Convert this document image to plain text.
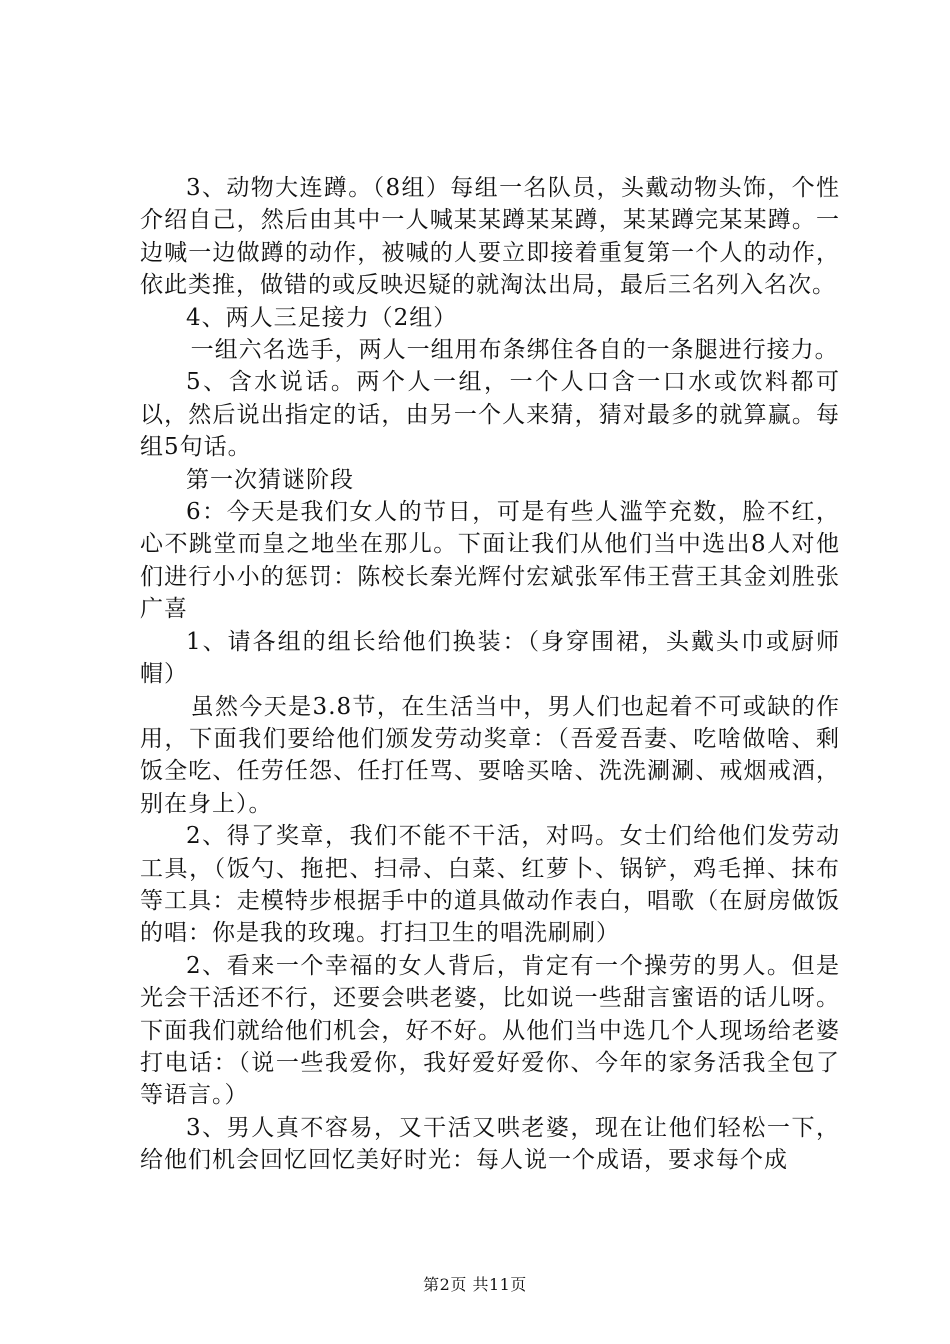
3、动物大连蹲。（8组）每组一名队员，头戴动物头饰，个性介绍自己，然后由其中一人喊某某蹲某某蹲，某某蹲完某某蹲。一边喊一边做蹲的动作，被喊的人要立即接着重复第一个人的动作，依此类推，做错的或反映迟疑的就淘汰出局，最后三名列入名次。

4、两人三足接力（2组）

一组六名选手，两人一组用布条绑住各自的一条腿进行接力。

5、含水说话。两个人一组，一个人口含一口水或饮料都可以，然后说出指定的话，由另一个人来猜，猜对最多的就算赢。每组5句话。

第一次猜谜阶段

6：今天是我们女人的节日，可是有些人滥竽充数，脸不红，心不跳堂而皇之地坐在那儿。下面让我们从他们当中选出8人对他们进行小小的惩罚：陈校长秦光辉付宏斌张军伟王营王其金刘胜张广喜

1、请各组的组长给他们换装：（身穿围裙，头戴头巾或厨师帽）

虽然今天是3.8节，在生活当中，男人们也起着不可或缺的作用，下面我们要给他们颁发劳动奖章：（吾爱吾妻、吃啥做啥、剩饭全吃、任劳任怨、任打任骂、要啥买啥、洗洗涮涮、戒烟戒酒，别在身上）。

2、得了奖章，我们不能不干活，对吗。女士们给他们发劳动工具，（饭勺、拖把、扫帚、白菜、红萝卜、锅铲，鸡毛掸、抹布等工具：走模特步根据手中的道具做动作表白，唱歌（在厨房做饭的唱：你是我的玫瑰。打扫卫生的唱洗刷刷）

2、看来一个幸福的女人背后，肯定有一个操劳的男人。但是光会干活还不行，还要会哄老婆，比如说一些甜言蜜语的话儿呀。下面我们就给他们机会，好不好。从他们当中选几个人现场给老婆打电话：（说一些我爱你，我好爱好爱你、今年的家务活我全包了等语言。）

3、男人真不容易，又干活又哄老婆，现在让他们轻松一下，给他们机会回忆回忆美好时光：每人说一个成语，要求每个成

第2页 共11页
